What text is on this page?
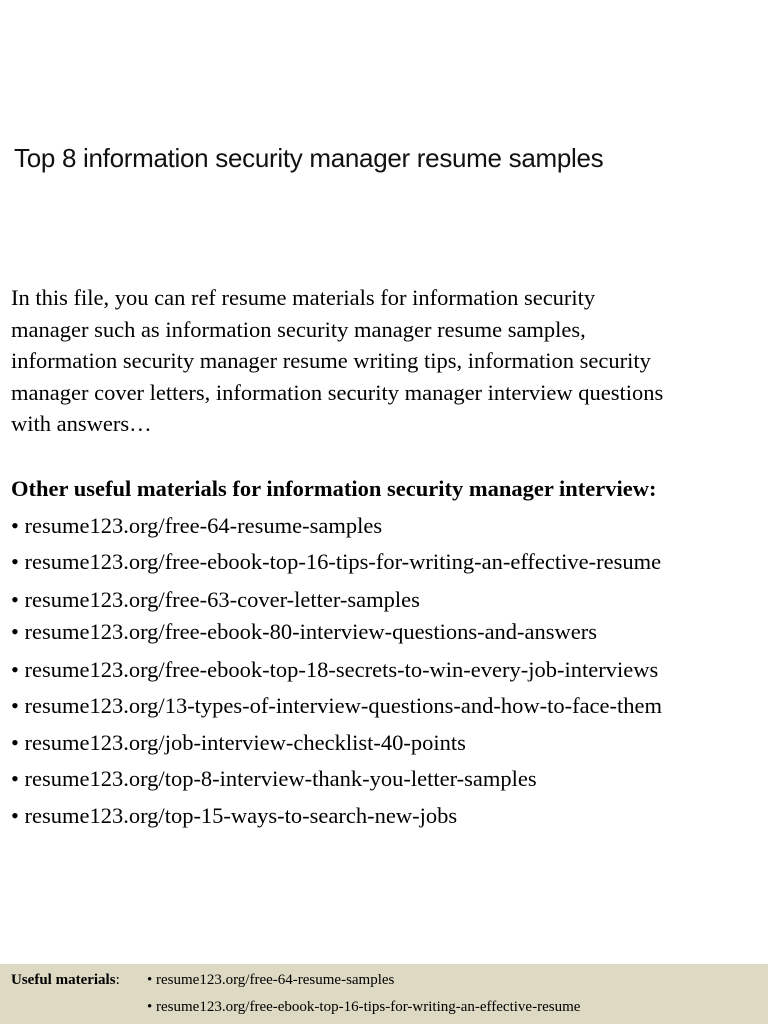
Top 8 information security manager resume samples

In this file, you can ref resume materials for information security
manager such as information security manager resume samples,
information security manager resume writing tips, information security
manager cover letters, information security manager interview questions
with answers…

Other useful materials for information security manager interview:
• resume123.org/free-64-resume-samples
• resume123.org/free-ebook-top-16-tips-for-writing-an-effective-resume
• resume123.org/free-63-cover-letter-samples
• resume123.org/free-ebook-80-interview-questions-and-answers
• resume123.org/free-ebook-top-18-secrets-to-win-every-job-interviews
• resume123.org/13-types-of-interview-questions-and-how-to-face-them
• resume123.org/job-interview-checklist-40-points
• resume123.org/top-8-interview-thank-you-letter-samples
• resume123.org/top-15-ways-to-search-new-jobs
Useful materials: • resume123.org/free-64-resume-samples
• resume123.org/free-ebook-top-16-tips-for-writing-an-effective-resume
